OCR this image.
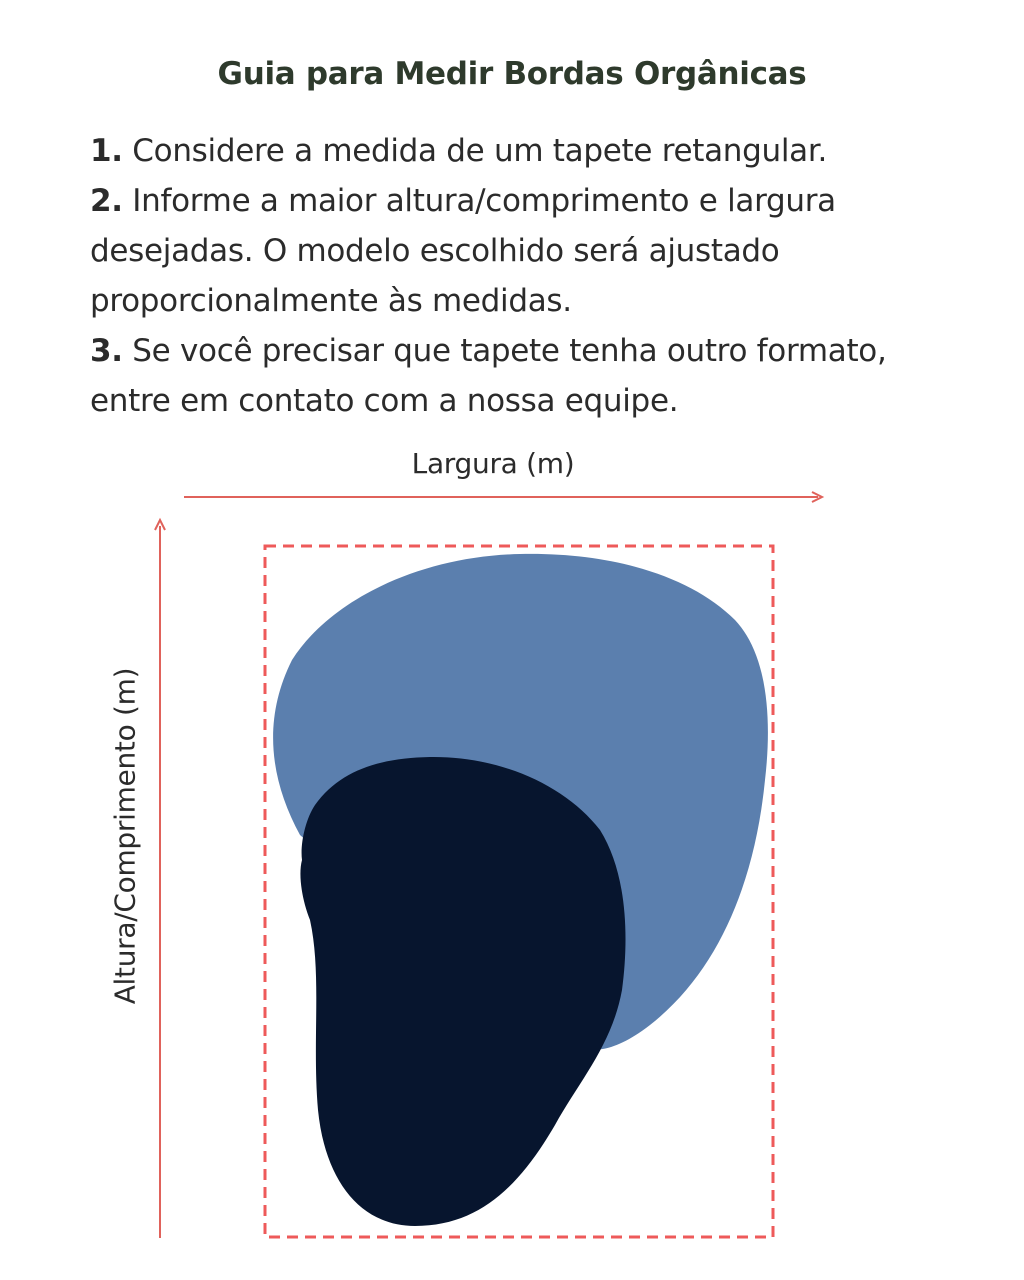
Guia para Medir Bordas Orgânicas

1. Considere a medida de um tapete retangular.

2. Informe a maior altura/comprimento e largura desejadas. O modelo escolhido será ajustado proporcionalmente às medidas.

3. Se você precisar que tapete tenha outro formato, entre em contato com a nossa equipe.

Largura (m)
Altura/Comprimento (m)
